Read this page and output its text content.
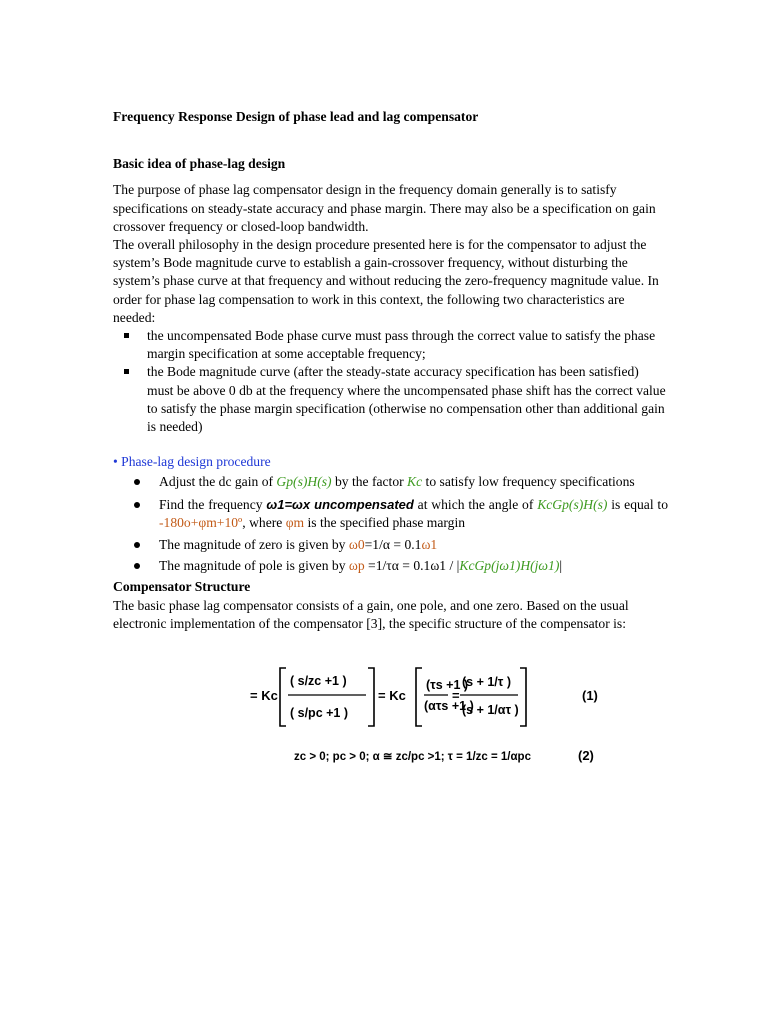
Frequency Response Design of phase lead and lag compensator

Basic idea of phase-lag design

The purpose of phase lag compensator design in the frequency domain generally is to satisfy specifications on steady-state accuracy and phase margin. There may also be a specification on gain crossover frequency or closed-loop bandwidth.

The overall philosophy in the design procedure presented here is for the compensator to adjust the system’s Bode magnitude curve to establish a gain-crossover frequency, without disturbing the system’s phase curve at that frequency and without reducing the zero-frequency magnitude value. In order for phase lag compensation to work in this context, the following two characteristics are needed:

the uncompensated Bode phase curve must pass through the correct value to satisfy the phase margin specification at some acceptable frequency;
the Bode magnitude curve (after the steady-state accuracy specification has been satisfied) must be above 0 db at the frequency where the uncompensated phase shift has the correct value to satisfy the phase margin specification (otherwise no compensation other than additional gain is needed)

• Phase-lag design procedure

Adjust the dc gain of Gp(s)H(s) by the factor Kc to satisfy low frequency specifications
Find the frequency ω1=ωx uncompensated at which the angle of KcGp(s)H(s) is equal to -180o+φm+10º, where φm is the specified phase margin
The magnitude of zero is given by ω0=1/α = 0.1ω1
The magnitude of pole is given by ωp =1/τα = 0.1ω1 / |KcGp(jω1)H(jω1)|

Compensator Structure

The basic phase lag compensator consists of a gain, one pole, and one zero. Based on the usual electronic implementation of the compensator [3], the specific structure of the compensator is:

= Kc
( s/zc +1 )
( s/pc +1 )
= Kc
(τs +1 )
(ατs +1 )
=
(s + 1/τ )
(s + 1/ατ )
(1)
zc > 0; pc > 0; α ≅ zc/pc >1; τ = 1/zc = 1/αpc	(2)
